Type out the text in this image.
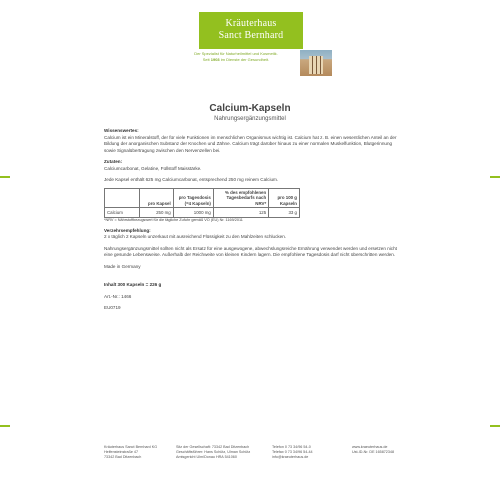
Kräuterhaus
Sanct Bernhard
Der Spezialist für Naturheilmittel und Kosmetik.
Seit 1903 im Dienste der Gesundheit.
Calcium-Kapseln
Nahrungsergänzungsmittel

Wissenswertes:

Calcium ist ein Mineralstoff, der für viele Funktionen im menschlichen Organismus wichtig ist. Calcium hat z. B. einen wesentlichen Anteil an der Bildung der anorganischen Substanz der Knochen und Zähne. Calcium trägt darüber hinaus zu einer normalen Muskelfunktion, Blutgerinnung sowie Signalübertragung zwischen den Nervenzellen bei.

Zutaten:

Calciumcarbonat, Gelatine, Füllstoff Maisstärke.

Jede Kapsel enthält 625 mg Calciumcarbonat, entsprechend 250 mg reinem Calcium.

	pro Kapsel	pro Tagesdosis (=4 Kapseln)	% des empfohlenen Tagesbedarfs nach NRV*	pro 100 g Kapseln
Calcium	250 mg	1000 mg	125	33 g

*NRV = Nährstoffbezugswert für die tägliche Zufuhr gemäß VO (EU) Nr. 1169/2011

Verzehrsempfehlung:

2 x täglich 2 Kapseln unzerkaut mit ausreichend Flüssigkeit zu den Mahlzeiten schlucken.

Nahrungsergänzungsmittel sollten nicht als Ersatz für eine ausgewogene, abwechslungsreiche Ernährung verwendet werden und ersetzen nicht eine gesunde Lebensweise. Außerhalb der Reichweite von kleinen Kindern lagern. Die empfohlene Tagesdosis darf nicht überschritten werden.

Made in Germany

Inhalt 300 Kapseln = 226 g

Art.-Nr.: 1466

EU0719

Kräuterhaus Sanct Bernhard KG
Helfensteinstraße 47
73342 Bad Ditzenbach
Sitz der Gesellschaft: 73342 Bad Ditzenbach
Geschäftsführer: Hans Schütz, Ulman Schütz
Amtsgericht Ulm/Donau HRA 541060
Telefon 0 73 34/96 54-0
Telefax 0 73 34/96 54-44
info@kraeuterhaus.de
www.kraeuterhaus.de
Ust-ID-Nr. DE 165872348
